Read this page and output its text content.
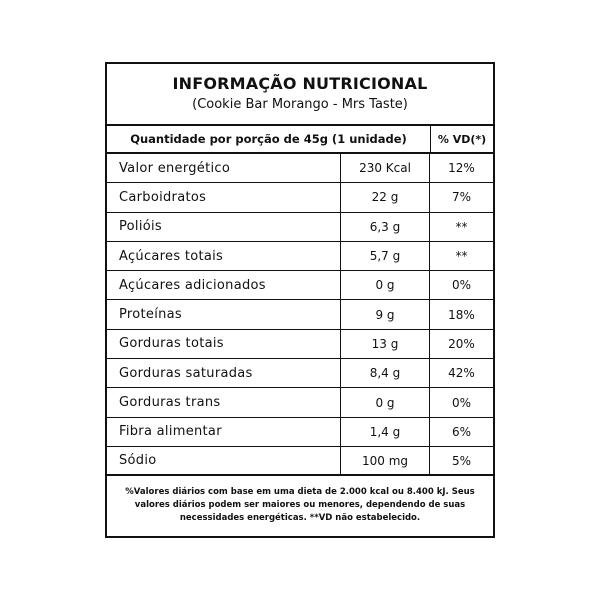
INFORMAÇÃO NUTRICIONAL
(Cookie Bar Morango - Mrs Taste)
Quantidade por porção de 45g (1 unidade)	% VD(*)
Valor energético	230 Kcal	12%
Carboidratos	22 g	7%
Polióis	6,3 g	**
Açúcares totais	5,7 g	**
Açúcares adicionados	0 g	0%
Proteínas	9 g	18%
Gorduras totais	13 g	20%
Gorduras saturadas	8,4 g	42%
Gorduras trans	0 g	0%
Fibra alimentar	1,4 g	6%
Sódio	100 mg	5%
%Valores diários com base em uma dieta de 2.000 kcal ou 8.400 kJ. Seus valores diários podem ser maiores ou menores, dependendo de suas necessidades energéticas. **VD não estabelecido.
